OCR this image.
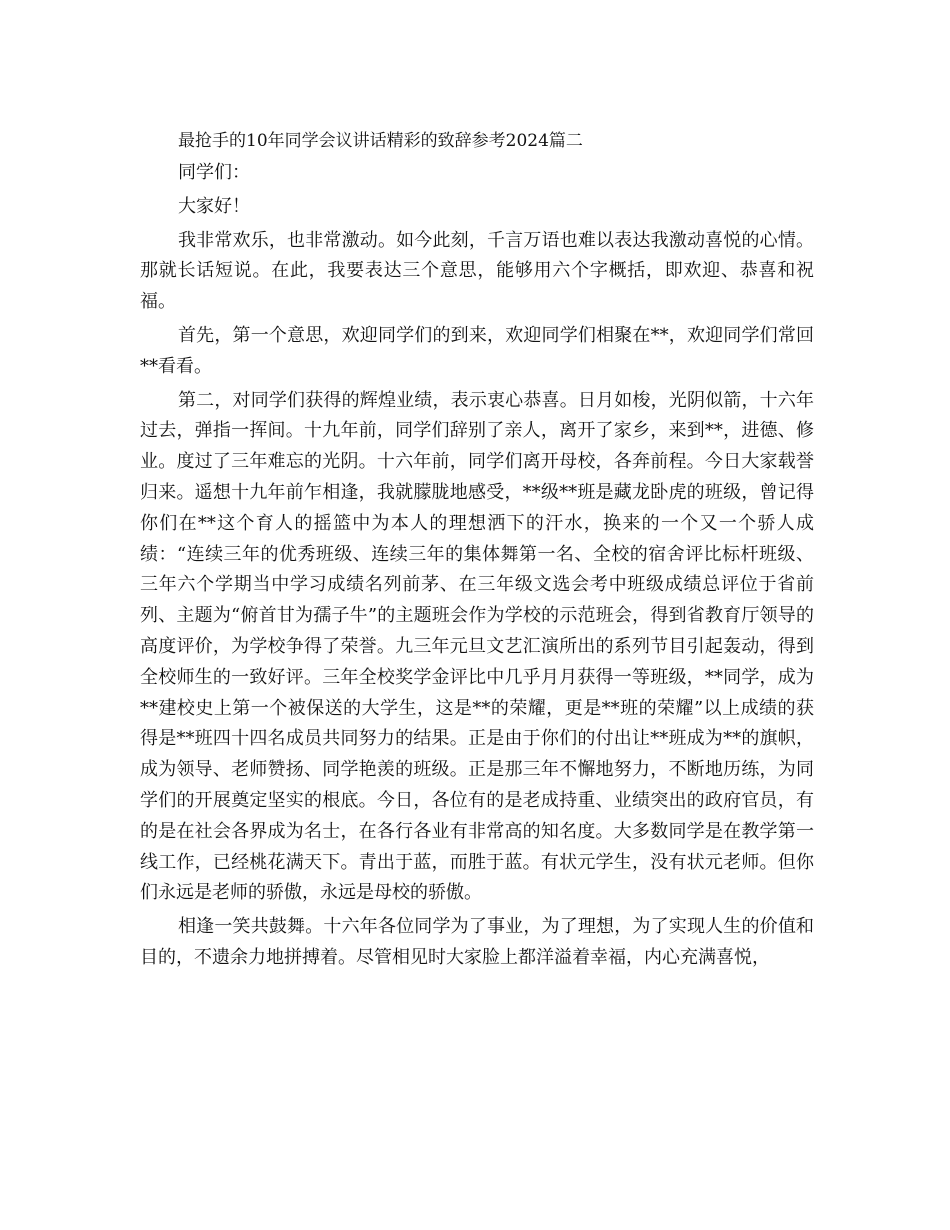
最抢手的10年同学会议讲话精彩的致辞参考2024篇二

同学们：

大家好！

我非常欢乐，也非常激动。如今此刻，千言万语也难以表达我激动喜悦的心情。那就长话短说。在此，我要表达三个意思，能够用六个字概括，即欢迎、恭喜和祝福。

首先，第一个意思，欢迎同学们的到来，欢迎同学们相聚在**，欢迎同学们常回**看看。

第二，对同学们获得的辉煌业绩，表示衷心恭喜。日月如梭，光阴似箭，十六年过去，弹指一挥间。十九年前，同学们辞别了亲人，离开了家乡，来到**，进德、修业。度过了三年难忘的光阴。十六年前，同学们离开母校，各奔前程。今日大家载誉归来。遥想十九年前乍相逢，我就朦胧地感受，**级**班是藏龙卧虎的班级，曾记得你们在**这个育人的摇篮中为本人的理想洒下的汗水，换来的一个又一个骄人成绩：“连续三年的优秀班级、连续三年的集体舞第一名、全校的宿舍评比标杆班级、三年六个学期当中学习成绩名列前茅、在三年级文选会考中班级成绩总评位于省前列、主题为“俯首甘为孺子牛”的主题班会作为学校的示范班会，得到省教育厅领导的高度评价，为学校争得了荣誉。九三年元旦文艺汇演所出的系列节目引起轰动，得到全校师生的一致好评。三年全校奖学金评比中几乎月月获得一等班级，**同学，成为**建校史上第一个被保送的大学生，这是**的荣耀，更是**班的荣耀”以上成绩的获得是**班四十四名成员共同努力的结果。正是由于你们的付出让**班成为**的旗帜，成为领导、老师赞扬、同学艳羡的班级。正是那三年不懈地努力，不断地历练，为同学们的开展奠定坚实的根底。今日，各位有的是老成持重、业绩突出的政府官员，有的是在社会各界成为名士，在各行各业有非常高的知名度。大多数同学是在教学第一线工作，已经桃花满天下。青出于蓝，而胜于蓝。有状元学生，没有状元老师。但你们永远是老师的骄傲，永远是母校的骄傲。

相逢一笑共鼓舞。十六年各位同学为了事业，为了理想，为了实现人生的价值和目的，不遗余力地拼搏着。尽管相见时大家脸上都洋溢着幸福，内心充满喜悦，
